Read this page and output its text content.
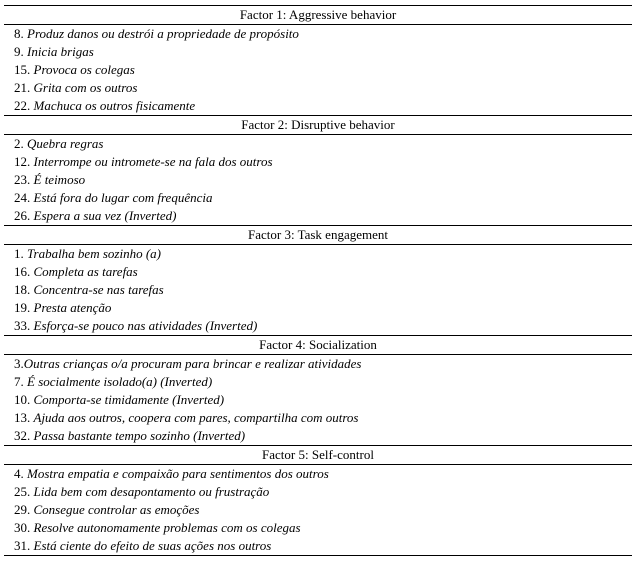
Factor 1: Aggressive behavior
8. Produz danos ou destrói a propriedade de propósito
9. Inicia brigas
15. Provoca os colegas
21. Grita com os outros
22. Machuca os outros fisicamente
Factor 2: Disruptive behavior
2. Quebra regras
12. Interrompe ou intromete-se na fala dos outros
23. É teimoso
24. Está fora do lugar com frequência
26. Espera a sua vez (Inverted)
Factor 3: Task engagement
1. Trabalha bem sozinho (a)
16. Completa as tarefas
18. Concentra-se nas tarefas
19. Presta atenção
33. Esforça-se pouco nas atividades (Inverted)
Factor 4: Socialization
3.Outras crianças o/a procuram para brincar e realizar atividades
7. É socialmente isolado(a) (Inverted)
10. Comporta-se timidamente (Inverted)
13. Ajuda aos outros, coopera com pares, compartilha com outros
32. Passa bastante tempo sozinho (Inverted)
Factor 5: Self-control
4. Mostra empatia e compaixão para sentimentos dos outros
25. Lida bem com desapontamento ou frustração
29. Consegue controlar as emoções
30. Resolve autonomamente problemas com os colegas
31. Está ciente do efeito de suas ações nos outros
